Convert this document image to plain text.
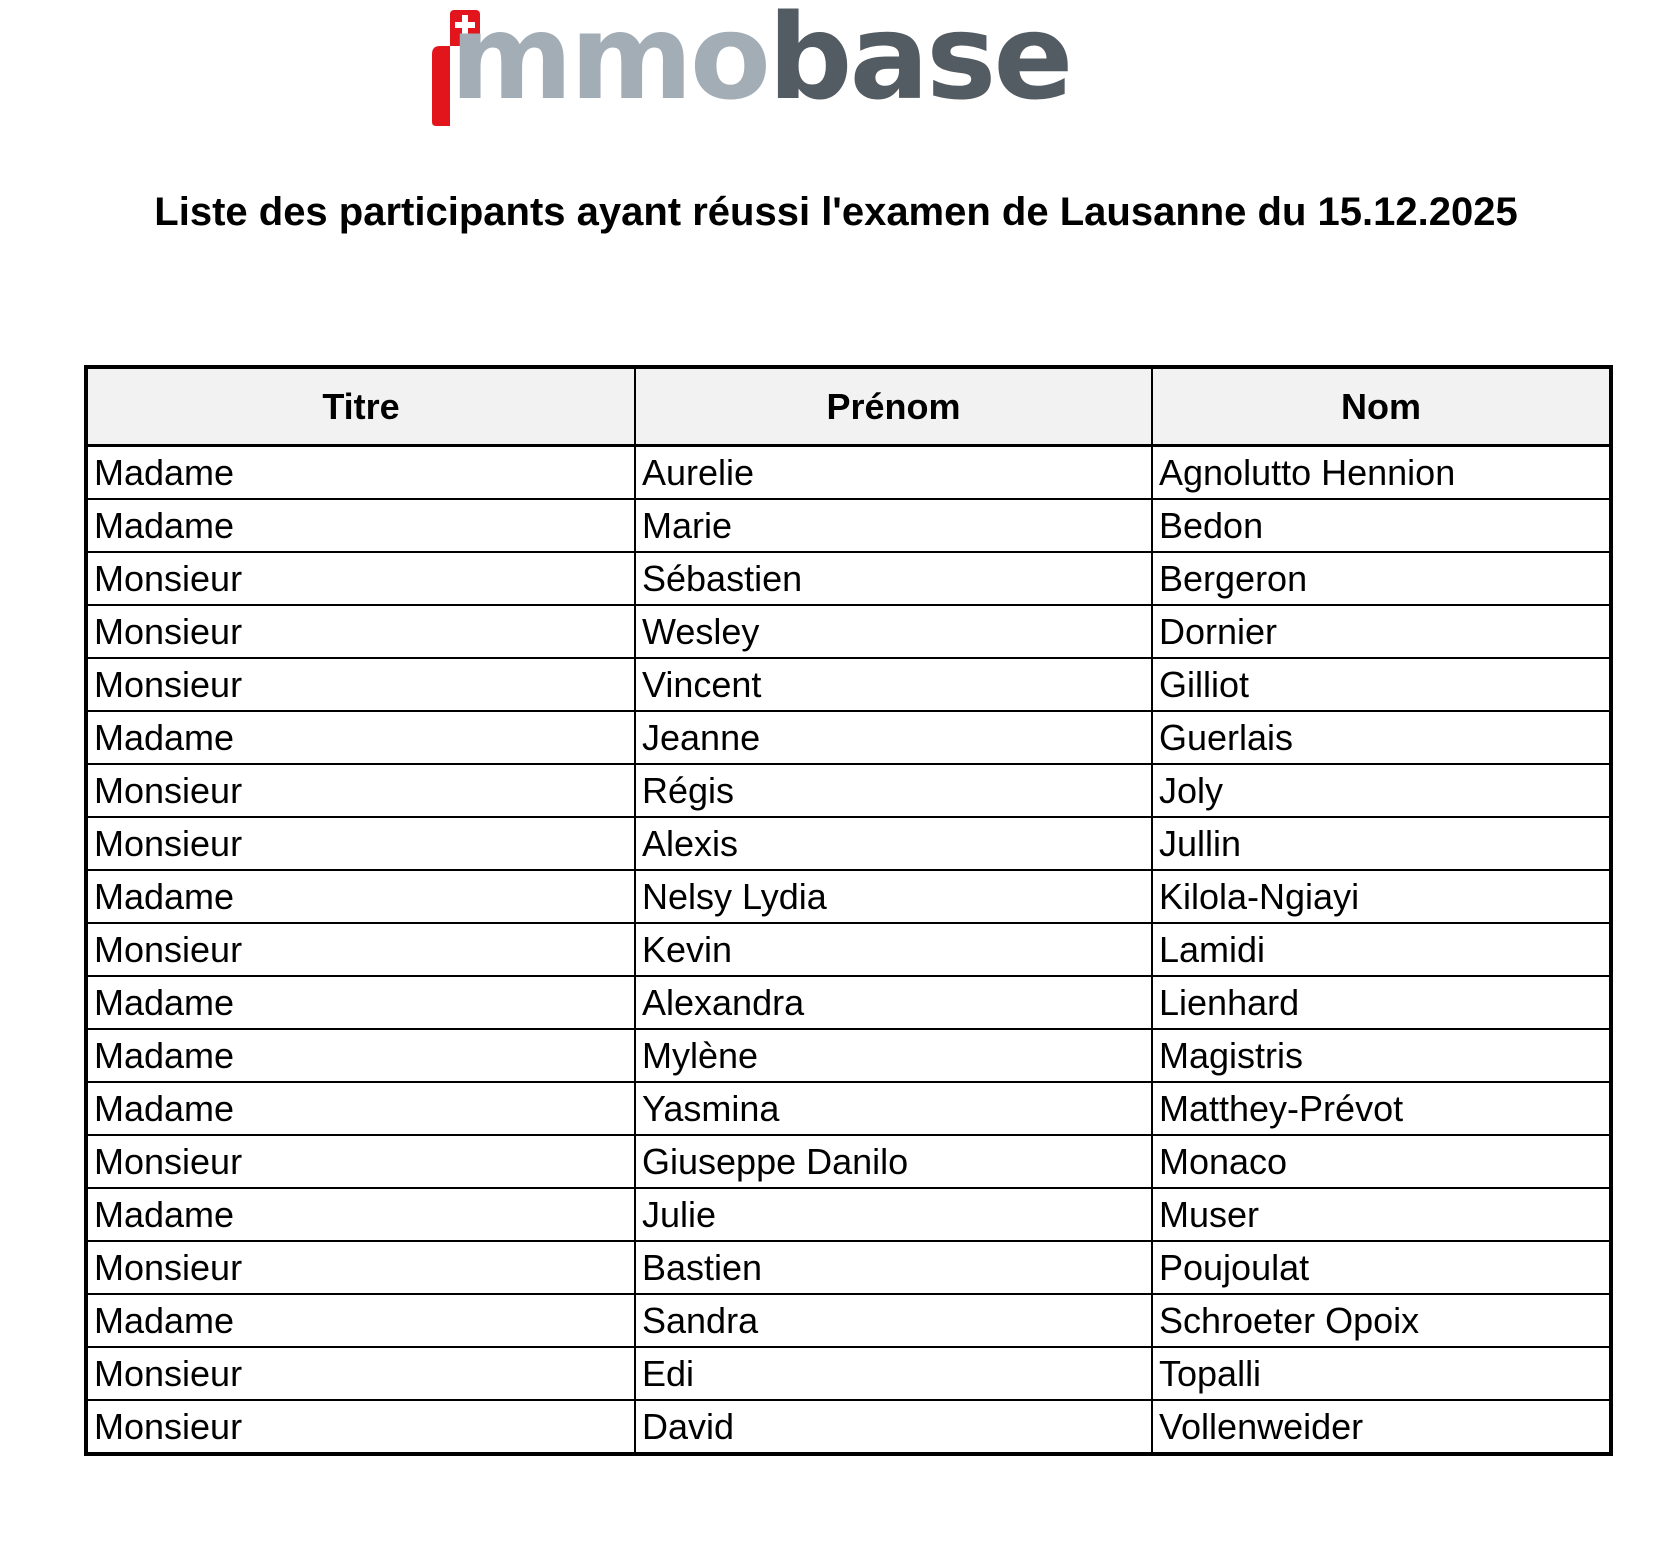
mmobase
Liste des participants ayant réussi l'examen de Lausanne du 15.12.2025
Titre	Prénom	Nom
Madame	Aurelie	Agnolutto Hennion
Madame	Marie	Bedon
Monsieur	Sébastien	Bergeron
Monsieur	Wesley	Dornier
Monsieur	Vincent	Gilliot
Madame	Jeanne	Guerlais
Monsieur	Régis	Joly
Monsieur	Alexis	Jullin
Madame	Nelsy Lydia	Kilola-Ngiayi
Monsieur	Kevin	Lamidi
Madame	Alexandra	Lienhard
Madame	Mylène	Magistris
Madame	Yasmina	Matthey-Prévot
Monsieur	Giuseppe Danilo	Monaco
Madame	Julie	Muser
Monsieur	Bastien	Poujoulat
Madame	Sandra	Schroeter Opoix
Monsieur	Edi	Topalli
Monsieur	David	Vollenweider
